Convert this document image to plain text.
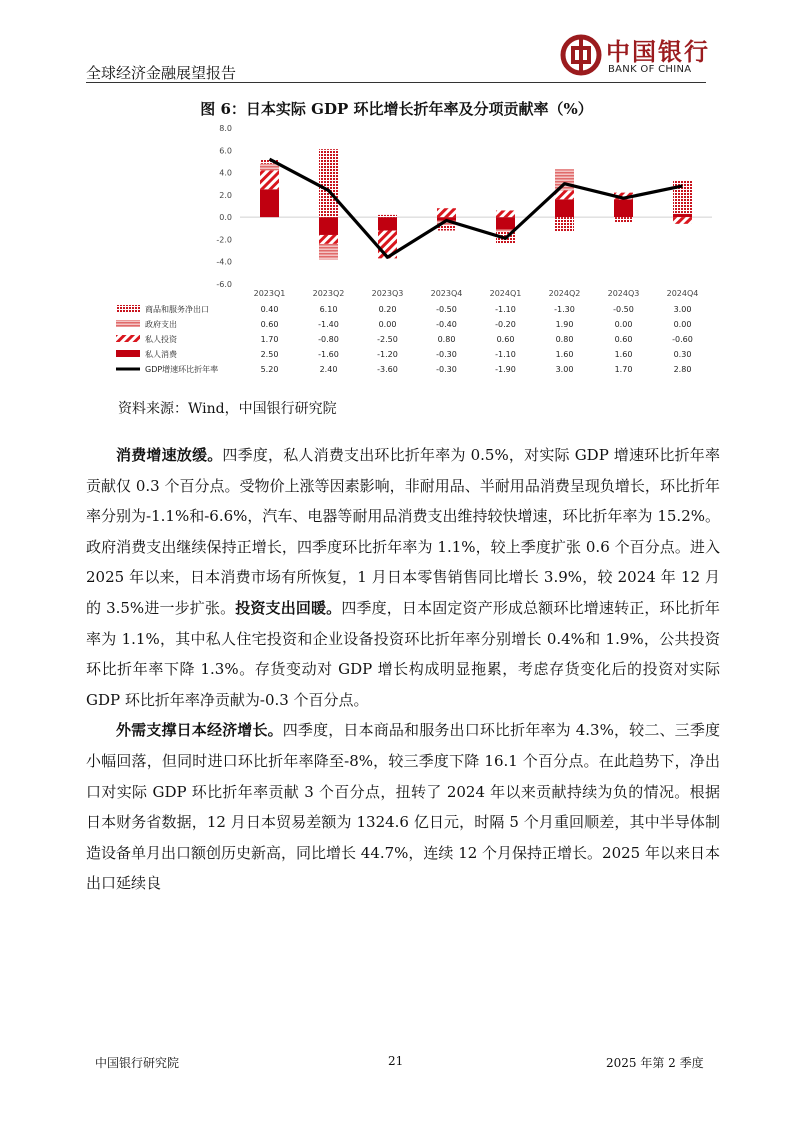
全球经济金融展望报告
中国银行
BANK OF CHINA
图 6：日本实际 GDP 环比增长折年率及分项贡献率（%）
8.0
6.0
4.0
2.0
0.0
-2.0
-4.0
-6.0
2023Q1	2023Q2	2023Q3	2023Q4	2024Q1	2024Q2	2024Q3	2024Q4
商品和服务净出口	0.40	6.10	0.20	-0.50	-1.10	-1.30	-0.50	3.00
政府支出	0.60	-1.40	0.00	-0.40	-0.20	1.90	0.00	0.00
私人投资	1.70	-0.80	-2.50	0.80	0.60	0.80	0.60	-0.60
私人消费	2.50	-1.60	-1.20	-0.30	-1.10	1.60	1.60	0.30
GDP增速环比折年率	5.20	2.40	-3.60	-0.30	-1.90	3.00	1.70	2.80
资料来源：Wind，中国银行研究院

消费增速放缓。四季度，私人消费支出环比折年率为 0.5%，对实际 GDP 增速环比折年率贡献仅 0.3 个百分点。受物价上涨等因素影响，非耐用品、半耐用品消费呈现负增长，环比折年率分别为-1.1%和-6.6%，汽车、电器等耐用品消费支出维持较快增速，环比折年率为 15.2%。政府消费支出继续保持正增长，四季度环比折年率为 1.1%，较上季度扩张 0.6 个百分点。进入 2025 年以来，日本消费市场有所恢复，1 月日本零售销售同比增长 3.9%，较 2024 年 12 月的 3.5%进一步扩张。投资支出回暖。四季度，日本固定资产形成总额环比增速转正，环比折年率为 1.1%，其中私人住宅投资和企业设备投资环比折年率分别增长 0.4%和 1.9%，公共投资环比折年率下降 1.3%。存货变动对 GDP 增长构成明显拖累，考虑存货变化后的投资对实际 GDP 环比折年率净贡献为-0.3 个百分点。

外需支撑日本经济增长。四季度，日本商品和服务出口环比折年率为 4.3%，较二、三季度小幅回落，但同时进口环比折年率降至-8%，较三季度下降 16.1 个百分点。在此趋势下，净出口对实际 GDP 环比折年率贡献 3 个百分点，扭转了 2024 年以来贡献持续为负的情况。根据日本财务省数据，12 月日本贸易差额为 1324.6 亿日元，时隔 5 个月重回顺差，其中半导体制造设备单月出口额创历史新高，同比增长 44.7%，连续 12 个月保持正增长。2025 年以来日本出口延续良

中国银行研究院	21	2025 年第 2 季度
